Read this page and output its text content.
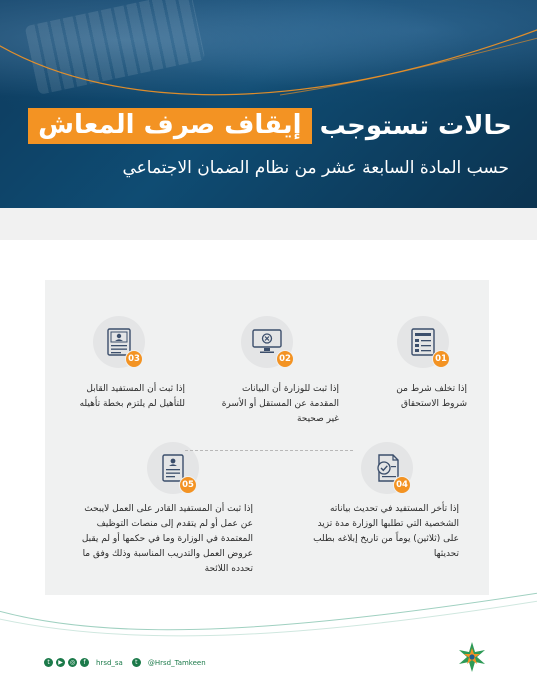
حالات تستوجب
إيقاف صرف المعاش
حسب المادة السابعة عشر من نظام الضمان الاجتماعي
01
إذا تخلف شرط من شروط الاستحقاق
02
إذا ثبت للوزارة أن البيانات المقدمة عن المستقل أو الأسرة غير صحيحة
03
إذا ثبت أن المستفيد القابل للتأهيل لم يلتزم بخطة تأهيله
04
إذا تأخر المستفيد في تحديث بياناته الشخصية التي تطلبها الوزارة مدة تزيد على (ثلاثين) يوماً من تاريخ إبلاغه بطلب تحديثها
05
إذا ثبت أن المستفيد القادر على العمل لايبحث عن عمل أو لم يتقدم إلى منصات التوظيف المعتمدة في الوزارة وما في حكمها أو لم يقبل عروض العمل والتدريب المناسبة وذلك وفق ما تحدده اللائحة
t	▶	◎	f	hrsd_sa	t	@Hrsd_Tamkeen
